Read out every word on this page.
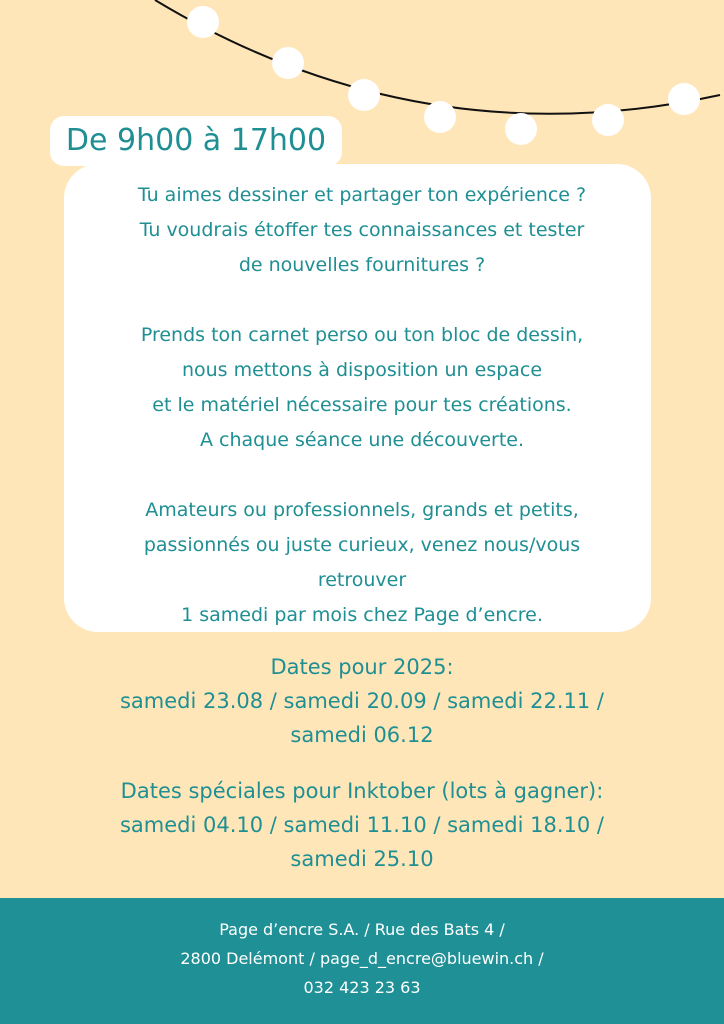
De 9h00 à 17h00
Tu aimes dessiner et partager ton expérience ?
Tu voudrais étoffer tes connaissances et tester
de nouvelles fournitures ?
Prends ton carnet perso ou ton bloc de dessin,
nous mettons à disposition un espace
et le matériel nécessaire pour tes créations.
A chaque séance une découverte.
Amateurs ou professionnels, grands et petits,
passionnés ou juste curieux, venez nous/vous
retrouver
1 samedi par mois chez Page d’encre.
Dates pour 2025:
samedi 23.08 / samedi 20.09 / samedi 22.11 /
samedi 06.12
Dates spéciales pour Inktober (lots à gagner):
samedi 04.10 / samedi 11.10 / samedi 18.10 /
samedi 25.10
Page d’encre S.A. / Rue des Bats 4 /
2800 Delémont / page_d_encre@bluewin.ch /
032 423 23 63
